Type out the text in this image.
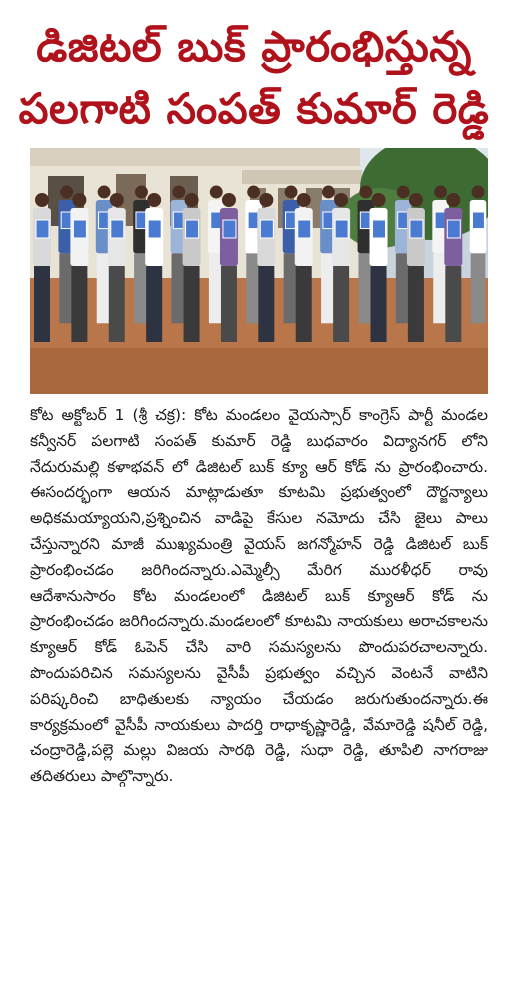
డిజిటల్ బుక్ ప్రారంభిస్తున్న
పలగాటి సంపత్ కుమార్ రెడ్డి
కోట అక్టోబర్ 1 (శ్రీ చక్ర): కోట మండలం వైయస్సార్ కాంగ్రెస్ పార్టీ మండల కన్వీనర్ పలగాటి సంపత్ కుమార్ రెడ్డి బుధవారం విద్యానగర్ లోని నేదురుమల్లి కళాభవన్ లో డిజిటల్ బుక్ క్యూ ఆర్ కోడ్ ను ప్రారంభించారు. ఈసందర్భంగా ఆయన మాట్లాడుతూ కూటమి ప్రభుత్వంలో దౌర్జన్యాలు అధికమయ్యాయని,ప్రశ్నించిన వాడిపై కేసుల నమోదు చేసి జైలు పాలు చేస్తున్నారని మాజీ ముఖ్యమంత్రి వైయస్ జగన్మోహన్ రెడ్డి డిజిటల్ బుక్ ప్రారంభించడం జరిగిందన్నారు.ఎమ్మెల్సీ మేరిగ మురళీధర్ రావు ఆదేశానుసారం కోట మండలంలో డిజిటల్ బుక్ క్యూఆర్ కోడ్ ను ప్రారంభించడం జరిగిందన్నారు.మండలంలో కూటమి నాయకులు అరాచకాలను క్యూఆర్ కోడ్ ఓపెన్ చేసి వారి సమస్యలను పొందుపరచాలన్నారు. పొందుపరిచిన సమస్యలను వైసీపీ ప్రభుత్వం వచ్చిన వెంటనే వాటిని పరిష్కరించి బాధితులకు న్యాయం చేయడం జరుగుతుందన్నారు.ఈ కార్యక్రమంలో వైసీపీ నాయకులు పాదర్తి రాధాకృష్ణారెడ్డి, వేమారెడ్డి షనీల్ రెడ్డి, చంద్రారెడ్డి,పల్లె మల్లు విజయ సారథి రెడ్డి, సుధా రెడ్డి, తూపిలి నాగరాజు తదితరులు పాల్గొన్నారు.
